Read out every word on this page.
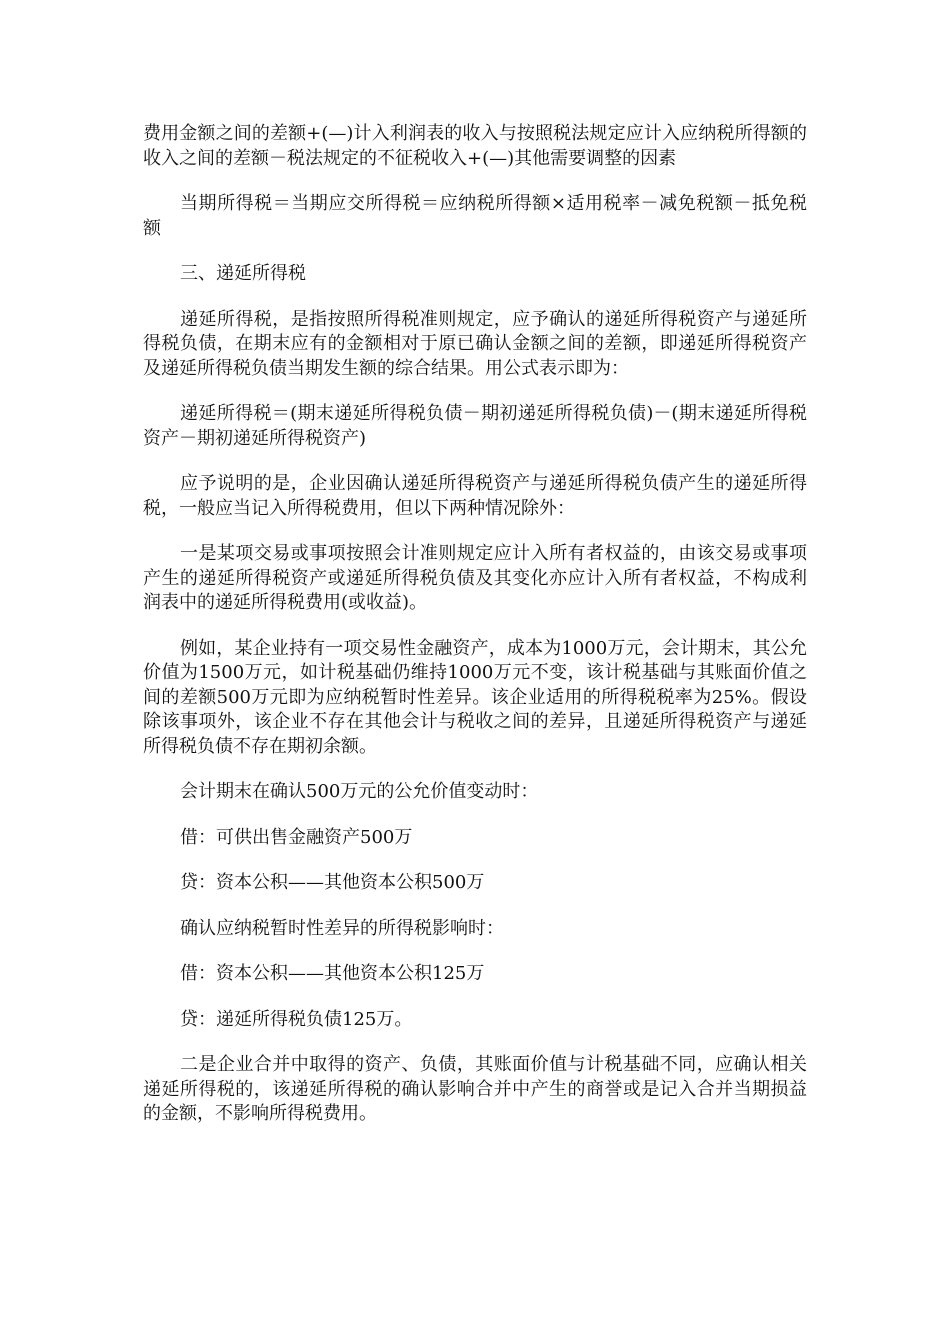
费用金额之间的差额+(—)计入利润表的收入与按照税法规定应计入应纳税所得额的收入之间的差额－税法规定的不征税收入+(—)其他需要调整的因素

当期所得税＝当期应交所得税＝应纳税所得额×适用税率－减免税额－抵免税额

三、递延所得税

递延所得税，是指按照所得税准则规定，应予确认的递延所得税资产与递延所得税负债，在期末应有的金额相对于原已确认金额之间的差额，即递延所得税资产及递延所得税负债当期发生额的综合结果。用公式表示即为：

递延所得税＝(期末递延所得税负债－期初递延所得税负债)－(期末递延所得税资产－期初递延所得税资产)

应予说明的是，企业因确认递延所得税资产与递延所得税负债产生的递延所得税，一般应当记入所得税费用，但以下两种情况除外：

一是某项交易或事项按照会计准则规定应计入所有者权益的，由该交易或事项产生的递延所得税资产或递延所得税负债及其变化亦应计入所有者权益，不构成利润表中的递延所得税费用(或收益)。

例如，某企业持有一项交易性金融资产，成本为1000万元，会计期末，其公允价值为1500万元，如计税基础仍维持1000万元不变，该计税基础与其账面价值之间的差额500万元即为应纳税暂时性差异。该企业适用的所得税税率为25%。假设除该事项外，该企业不存在其他会计与税收之间的差异，且递延所得税资产与递延所得税负债不存在期初余额。

会计期末在确认500万元的公允价值变动时：

借：可供出售金融资产500万

贷：资本公积——其他资本公积500万

确认应纳税暂时性差异的所得税影响时：

借：资本公积——其他资本公积125万

贷：递延所得税负债125万。

二是企业合并中取得的资产、负债，其账面价值与计税基础不同，应确认相关递延所得税的，该递延所得税的确认影响合并中产生的商誉或是记入合并当期损益的金额，不影响所得税费用。
